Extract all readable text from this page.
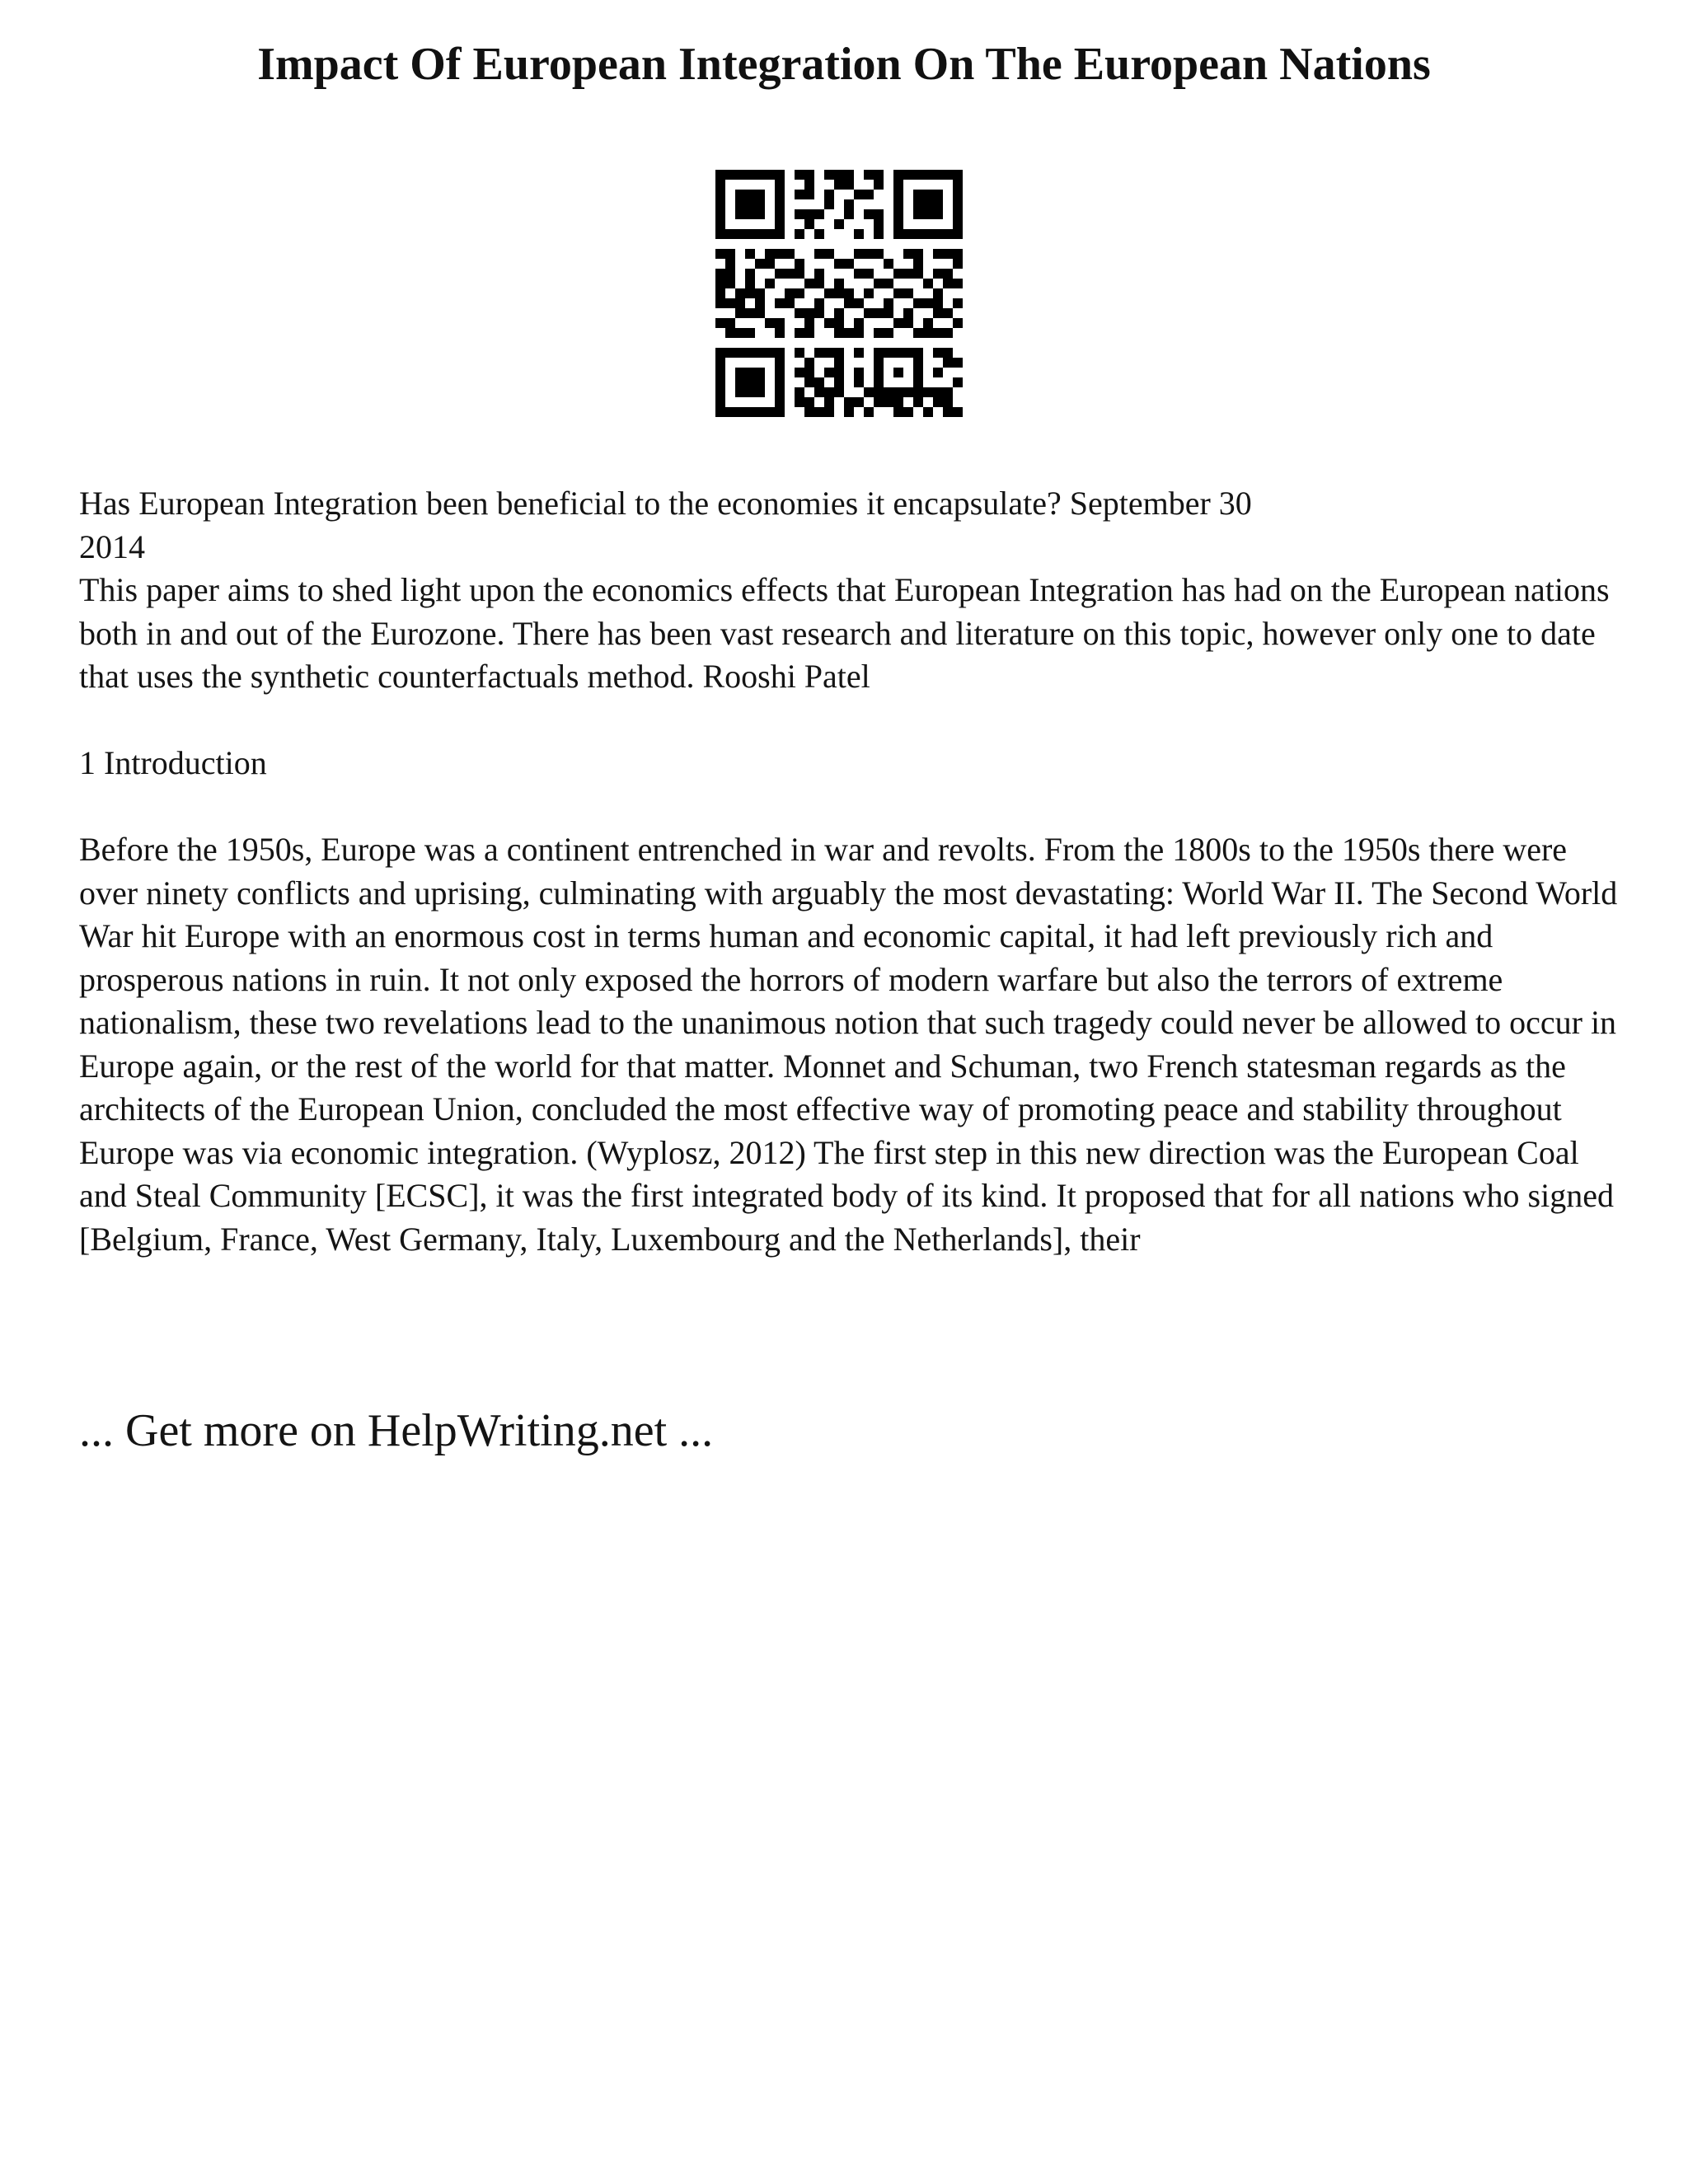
Impact Of European Integration On The European Nations

Has European Integration been beneficial to the economies it encapsulate? September 30

2014

This paper aims to shed light upon the economics effects that European Integration has had on the European nations both in and out of the Eurozone. There has been vast research and literature on this topic, however only one to date that uses the synthetic counterfactuals method. Rooshi Patel

1 Introduction

Before the 1950s, Europe was a continent entrenched in war and revolts. From the 1800s to the 1950s there were over ninety conflicts and uprising, culminating with arguably the most devastating: World War II. The Second World War hit Europe with an enormous cost in terms human and economic capital, it had left previously rich and prosperous nations in ruin. It not only exposed the horrors of modern warfare but also the terrors of extreme nationalism, these two revelations lead to the unanimous notion that such tragedy could never be allowed to occur in Europe again, or the rest of the world for that matter. Monnet and Schuman, two French statesman regards as the architects of the European Union, concluded the most effective way of promoting peace and stability throughout Europe was via economic integration. (Wyplosz, 2012) The first step in this new direction was the European Coal and Steal Community [ECSC], it was the first integrated body of its kind. It proposed that for all nations who signed [Belgium, France, West Germany, Italy, Luxembourg and the Netherlands], their

... Get more on HelpWriting.net ...
